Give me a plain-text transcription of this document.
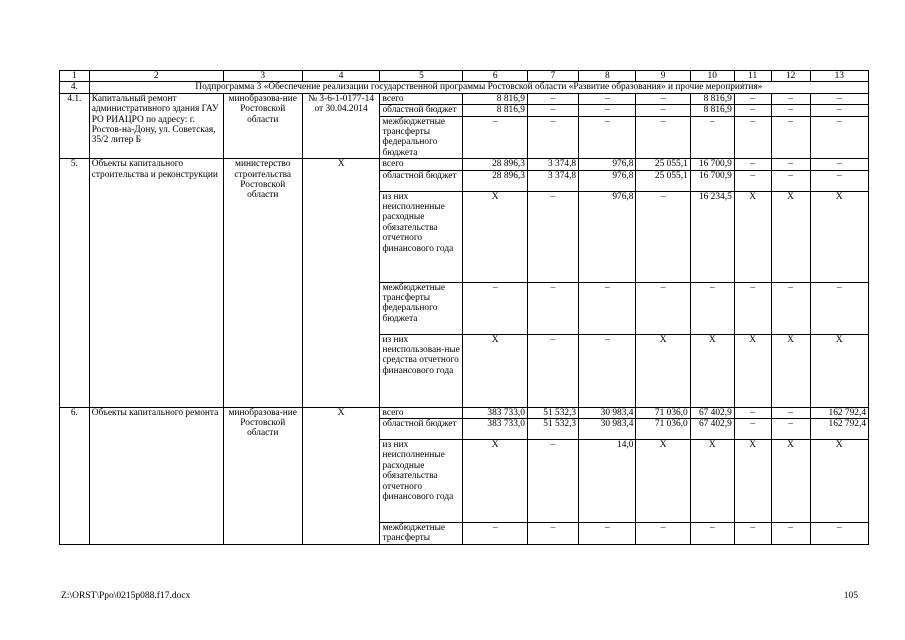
1	2	3	4	5	6	7	8	9	10	11	12	13
4.	Подпрограмма 3 «Обеспечение реализации государственной программы Ростовской области «Развитие образования» и прочие мероприятия»											
4.1.	Капитальный ремонт административного здания ГАУ РО РИАЦРО по адресу: г. Ростов-на-Дону, ул. Советская, 35/2 литер Б	минобразова-ние Ростовской области	№ 3-6-1-0177-14 от 30.04.2014	всего	8 816,9	–	–	–	8 816,9	–	–	–
				областной бюджет	8 816,9	–	–	–	8 816,9	–	–	–
				межбюджетные трансферты федерального бюджета	–	–	–	–	–	–	–	–
5.	Объекты капитального строительства и реконструкции	министерство строительства Ростовской области	Х	всего	28 896,3	3 374,8	976,8	25 055,1	16 700,9	–	–	–
				областной бюджет	28 896,3	3 374,8	976,8	25 055,1	16 700,9	–	–	–
				из них неисполненные расходные обязательства отчетного финансового года	Х	–	976,8	–	16 234,5	Х	Х	Х
				межбюджетные трансферты федерального бюджета	–	–	–	–	–	–	–	–
				из них неиспользован-ные средства отчетного финансового года	Х	–	–	Х	Х	Х	Х	Х
6.	Объекты капитального ремонта	минобразова-ние Ростовской области	Х	всего	383 733,0	51 532,3	30 983,4	71 036,0	67 402,9	–	–	162 792,4
				областной бюджет	383 733,0	51 532,3	30 983,4	71 036,0	67 402,9	–	–	162 792,4
				из них неисполненные расходные обязательства отчетного финансового года	Х	–	14,0	Х	Х	Х	Х	Х
				межбюджетные трансферты	–	–	–	–	–	–	–	–
Z:\ORST\Ppo\0215p088.f17.docx	105
